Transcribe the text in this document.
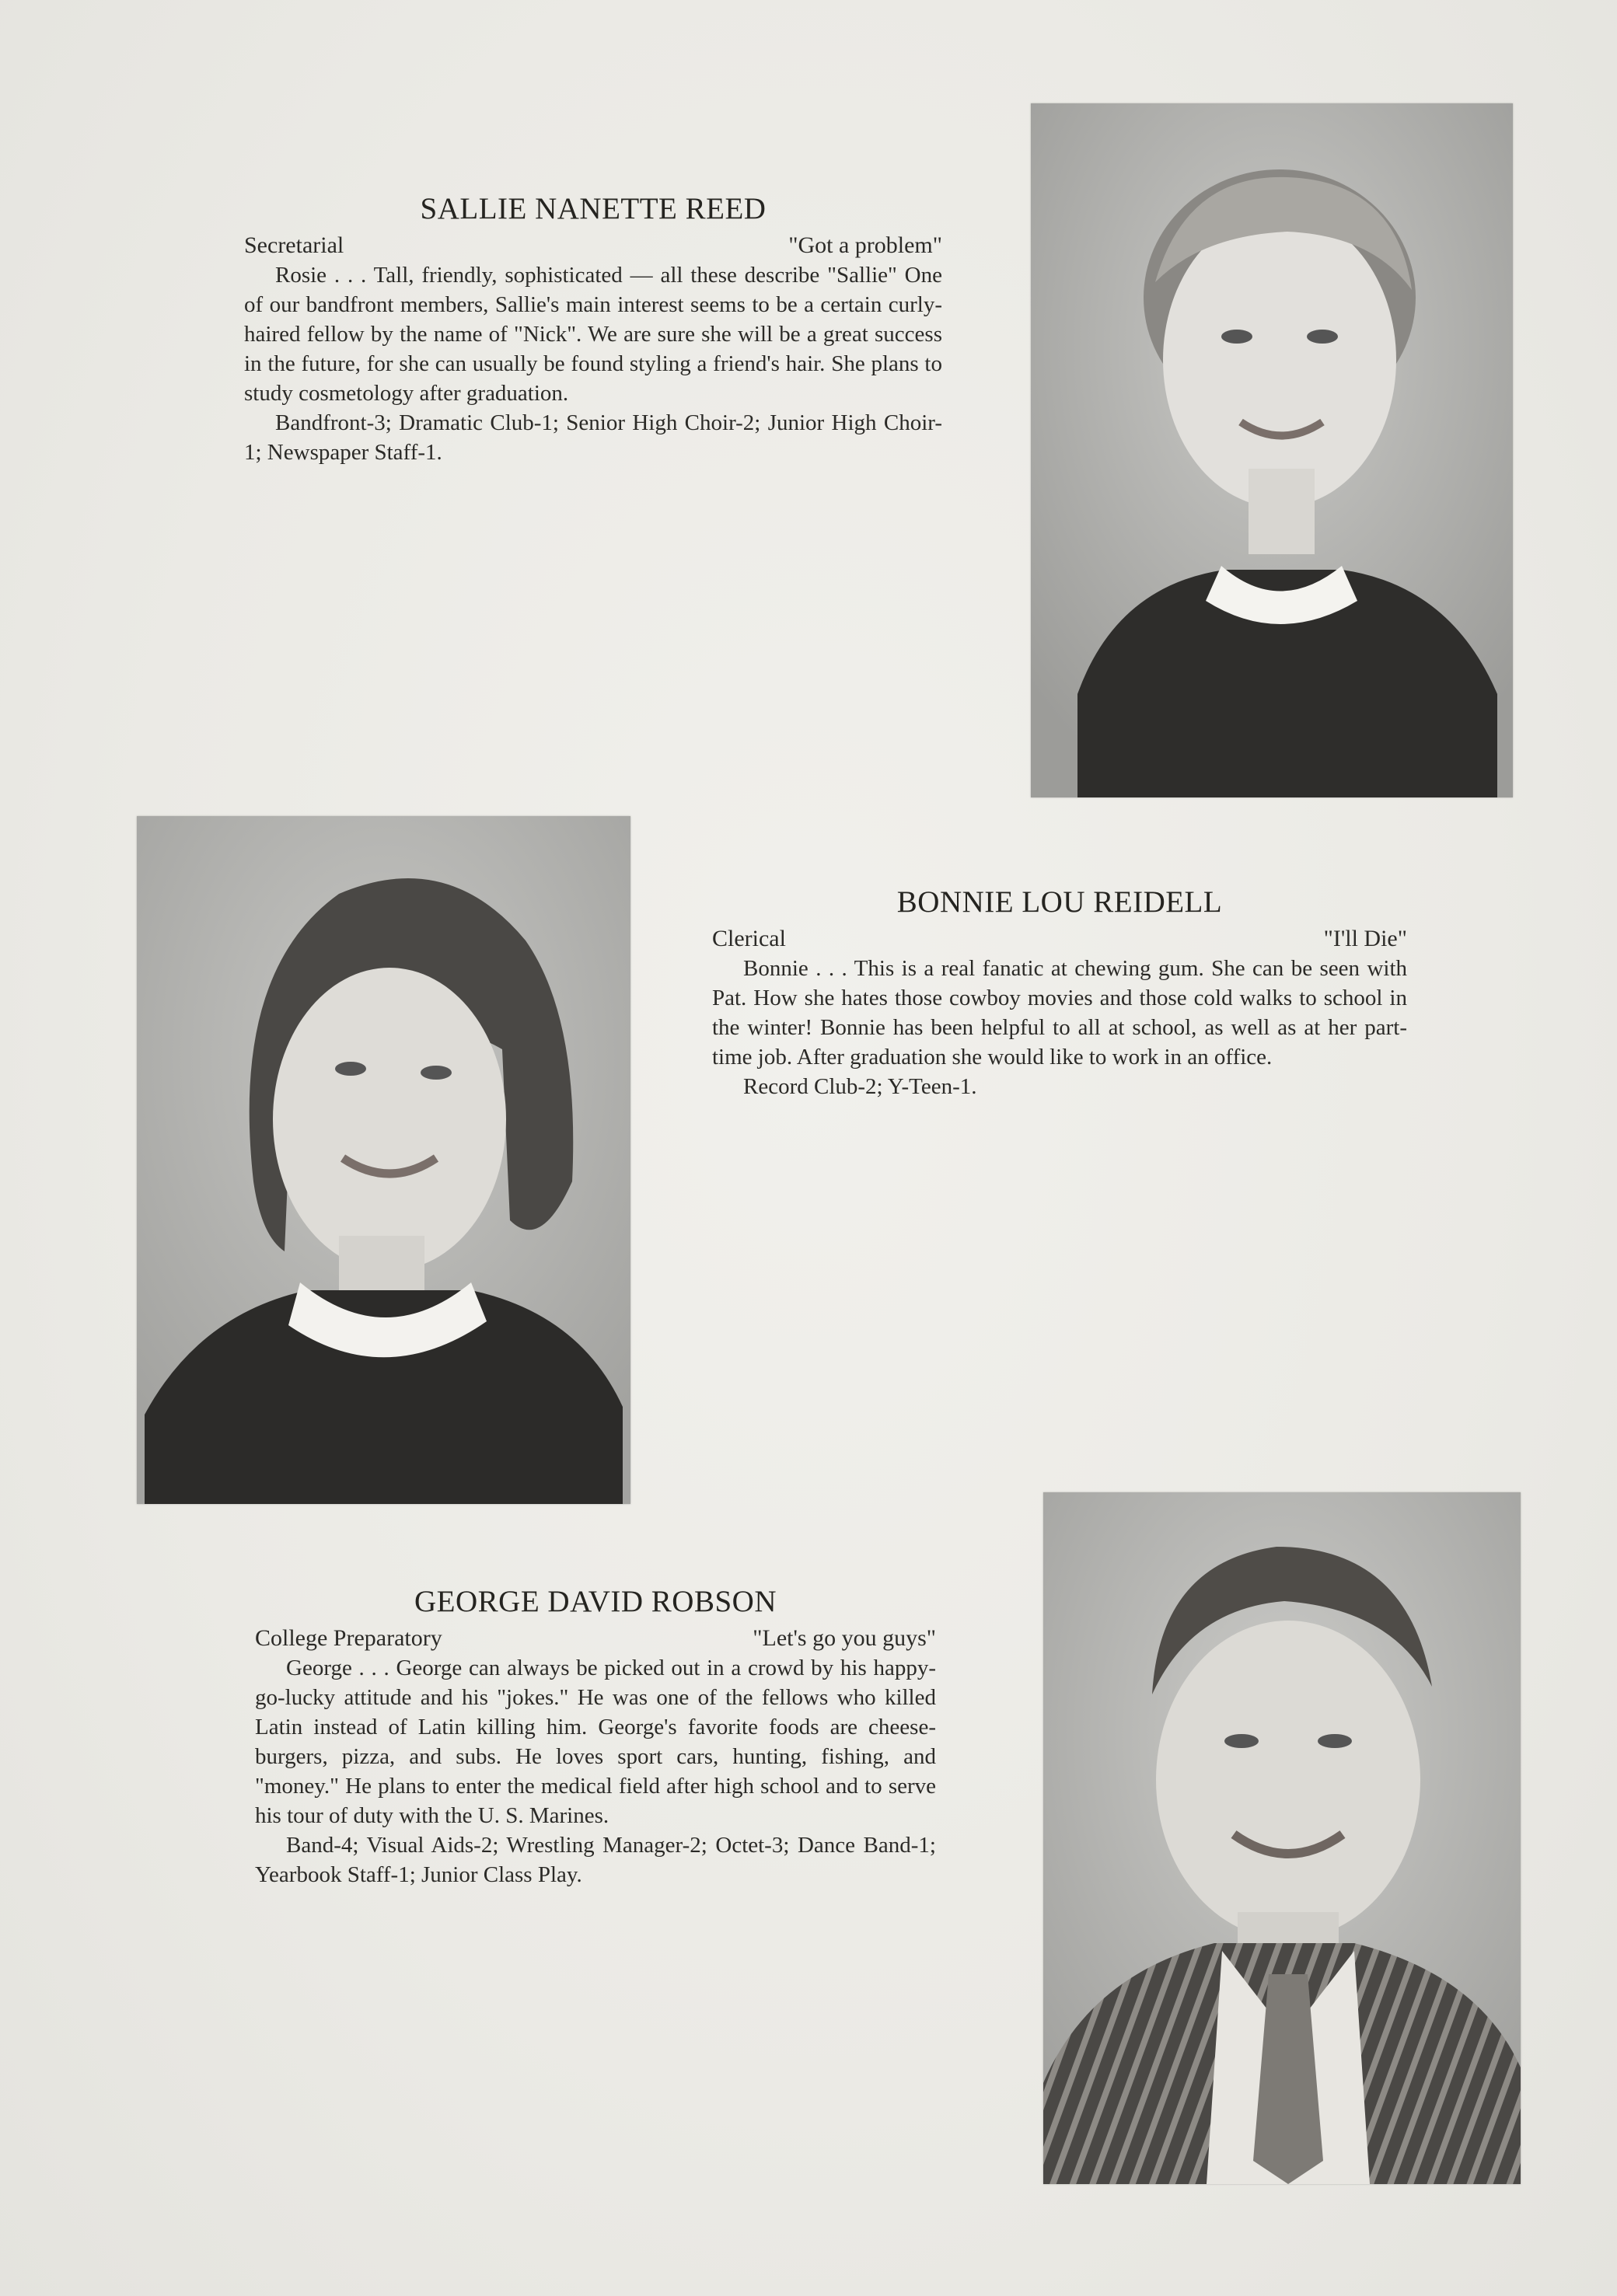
SALLIE NANETTE REED
Secretarial	"Got a problem"

Rosie . . . Tall, friendly, sophisticated — all these describe "Sallie" One of our bandfront members, Sallie's main interest seems to be a certain curly-haired fellow by the name of "Nick". We are sure she will be a great success in the future, for she can usually be found styling a friend's hair. She plans to study cosmetology after graduation.

Bandfront-3; Dramatic Club-1; Senior High Choir-2; Junior High Choir-1; Newspaper Staff-1.

BONNIE LOU REIDELL
Clerical	"I'll Die"

Bonnie . . . This is a real fanatic at chewing gum. She can be seen with Pat. How she hates those cowboy movies and those cold walks to school in the winter! Bonnie has been helpful to all at school, as well as at her part-time job. After graduation she would like to work in an office.

Record Club-2; Y-Teen-1.

GEORGE DAVID ROBSON
College Preparatory	"Let's go you guys"

George . . . George can always be picked out in a crowd by his happy-go-lucky attitude and his "jokes." He was one of the fellows who killed Latin instead of Latin killing him. George's favorite foods are cheese-burgers, pizza, and subs. He loves sport cars, hunting, fishing, and "money." He plans to enter the medical field after high school and to serve his tour of duty with the U. S. Marines.

Band-4; Visual Aids-2; Wrestling Manager-2; Octet-3; Dance Band-1; Yearbook Staff-1; Junior Class Play.
